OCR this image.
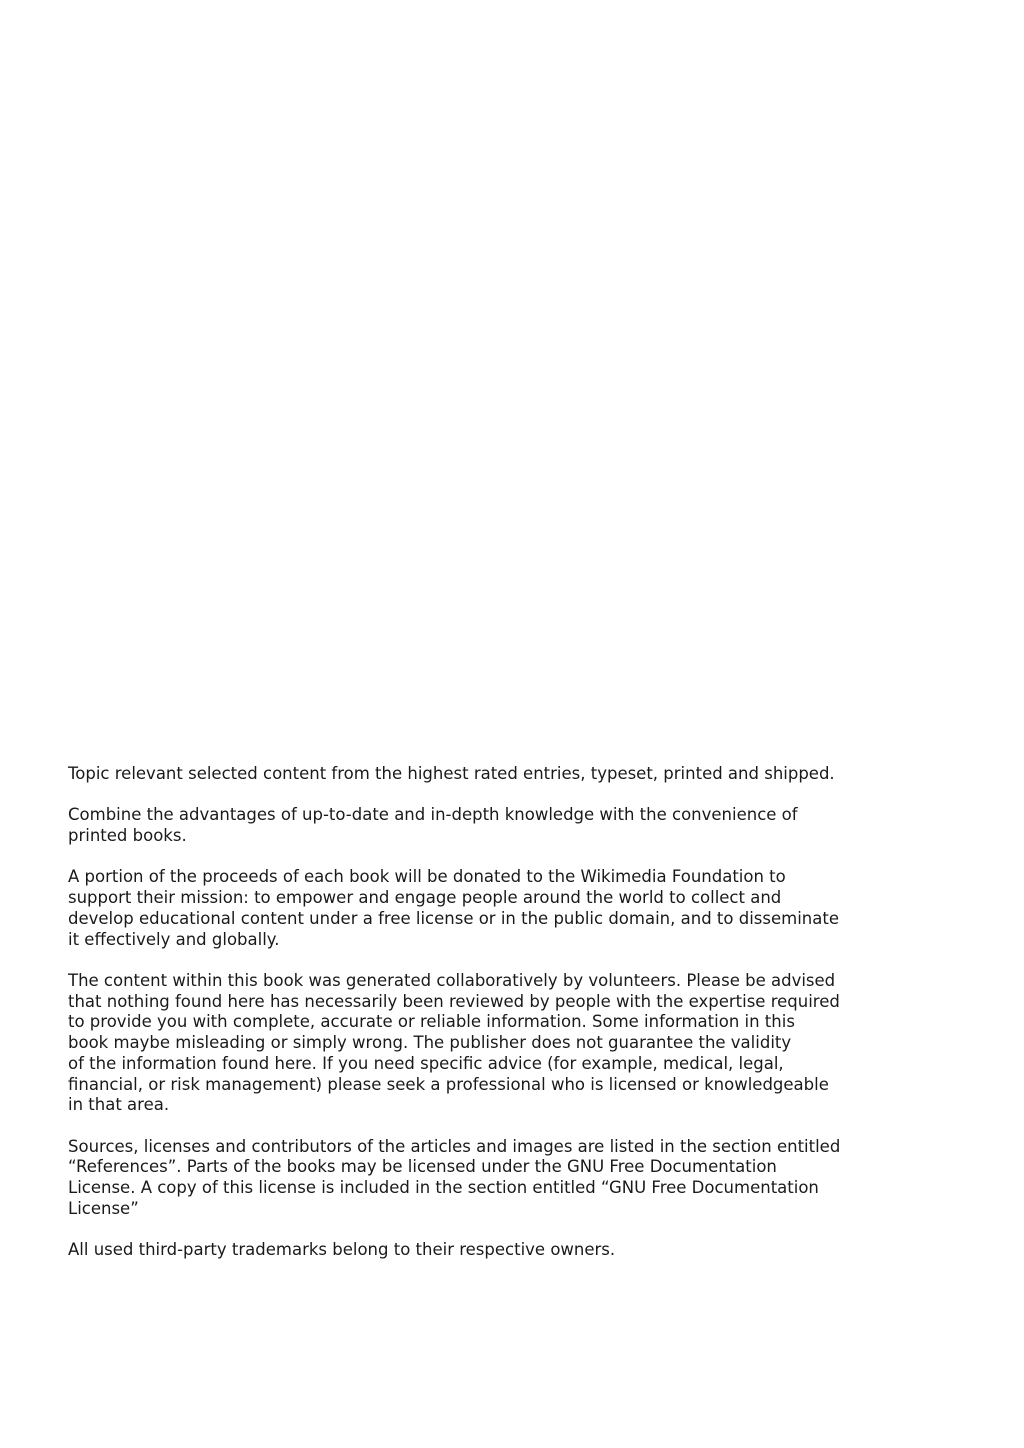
Topic relevant selected content from the highest rated entries, typeset, printed and shipped.

Combine the advantages of up-to-date and in-depth knowledge with the convenience of
printed books.

A portion of the proceeds of each book will be donated to the Wikimedia Foundation to
support their mission: to empower and engage people around the world to collect and
develop educational content under a free license or in the public domain, and to disseminate
it effectively and globally.

The content within this book was generated collaboratively by volunteers. Please be advised
that nothing found here has necessarily been reviewed by people with the expertise required
to provide you with complete, accurate or reliable information. Some information in this
book maybe misleading or simply wrong. The publisher does not guarantee the validity
of the information found here. If you need specific advice (for example, medical, legal,
financial, or risk management) please seek a professional who is licensed or knowledgeable
in that area.

Sources, licenses and contributors of the articles and images are listed in the section entitled
“References”. Parts of the books may be licensed under the GNU Free Documentation
License. A copy of this license is included in the section entitled “GNU Free Documentation
License”

All used third-party trademarks belong to their respective owners.
